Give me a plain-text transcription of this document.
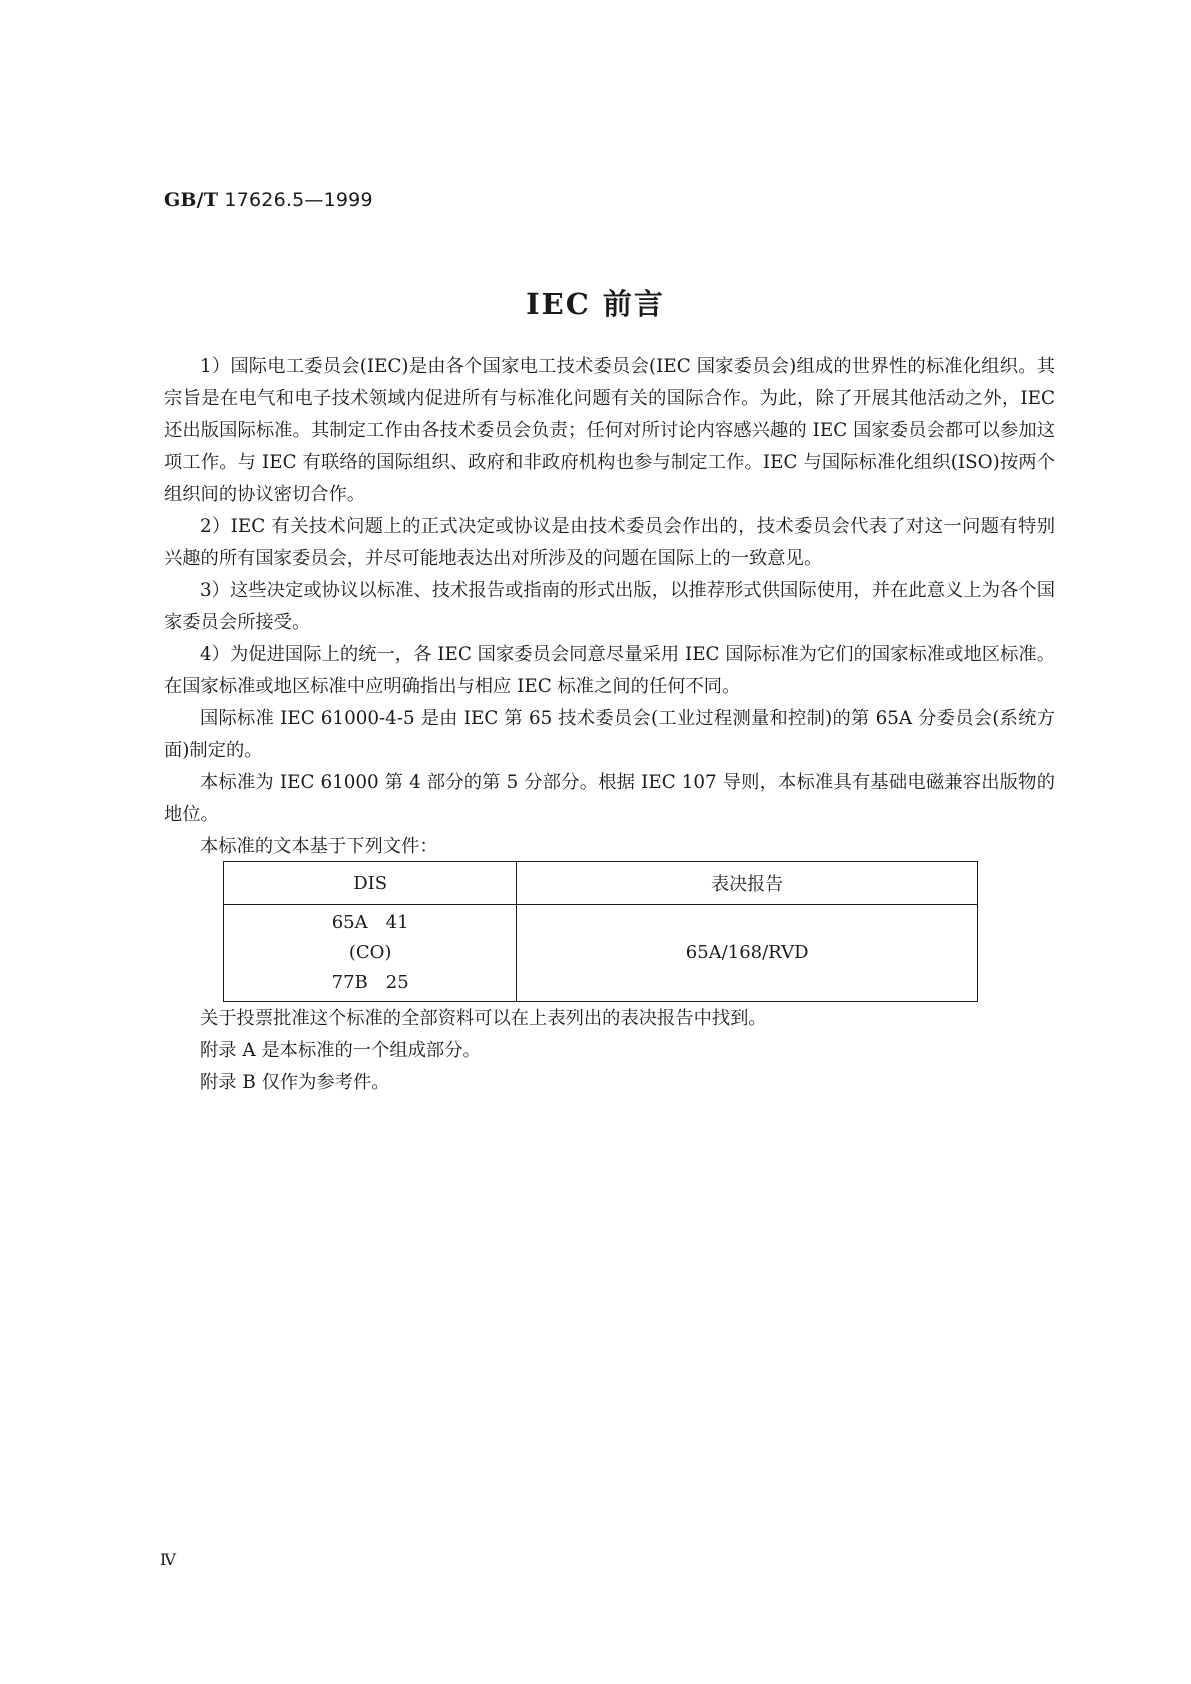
GB/T 17626.5—1999
IEC 前言

1）国际电工委员会(IEC)是由各个国家电工技术委员会(IEC 国家委员会)组成的世界性的标准化组织。其宗旨是在电气和电子技术领域内促进所有与标准化问题有关的国际合作。为此，除了开展其他活动之外，IEC 还出版国际标准。其制定工作由各技术委员会负责；任何对所讨论内容感兴趣的 IEC 国家委员会都可以参加这项工作。与 IEC 有联络的国际组织、政府和非政府机构也参与制定工作。IEC 与国际标准化组织(ISO)按两个组织间的协议密切合作。

2）IEC 有关技术问题上的正式决定或协议是由技术委员会作出的，技术委员会代表了对这一问题有特别兴趣的所有国家委员会，并尽可能地表达出对所涉及的问题在国际上的一致意见。

3）这些决定或协议以标准、技术报告或指南的形式出版，以推荐形式供国际使用，并在此意义上为各个国家委员会所接受。

4）为促进国际上的统一，各 IEC 国家委员会同意尽量采用 IEC 国际标准为它们的国家标准或地区标准。在国家标准或地区标准中应明确指出与相应 IEC 标准之间的任何不同。

国际标准 IEC 61000-4-5 是由 IEC 第 65 技术委员会(工业过程测量和控制)的第 65A 分委员会(系统方面)制定的。

本标准为 IEC 61000 第 4 部分的第 5 分部分。根据 IEC 107 导则，本标准具有基础电磁兼容出版物的地位。

本标准的文本基于下列文件：

DIS	表决报告

65A　41
(CO)
77B　25	65A/168/RVD

关于投票批准这个标准的全部资料可以在上表列出的表决报告中找到。

附录 A 是本标准的一个组成部分。

附录 B 仅作为参考件。

Ⅳ
